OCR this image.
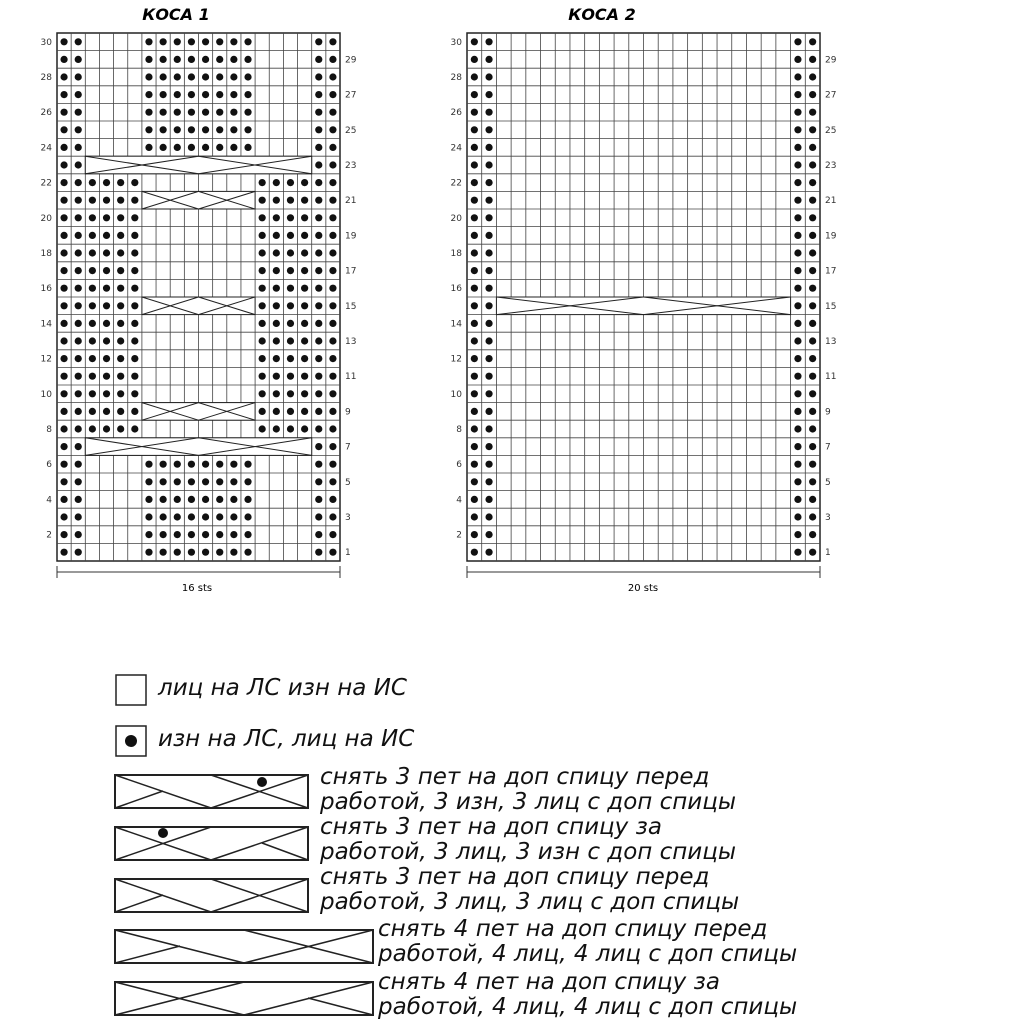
КОСА 1
30
28
26
24
22
20
18
16
14
12
10
8
6
4
2
29
27
25
23
21
19
17
15
13
11
9
7
5
3
1
16 sts
КОСА 2
30
28
26
24
22
20
18
16
14
12
10
8
6
4
2
29
27
25
23
21
19
17
15
13
11
9
7
5
3
1
20 sts
лиц на ЛС изн на ИС
изн на ЛС, лиц на ИС
снять 3 пет на доп спицу перед
работой, 3 изн, 3 лиц с доп спицы
снять 3 пет на доп спицу за
работой, 3 лиц, 3 изн с доп спицы
снять 3 пет на доп спицу перед
работой, 3 лиц, 3 лиц с доп спицы
снять 4 пет на доп спицу перед
работой, 4 лиц, 4 лиц с доп спицы
снять 4 пет на доп спицу за
работой, 4 лиц, 4 лиц с доп спицы
